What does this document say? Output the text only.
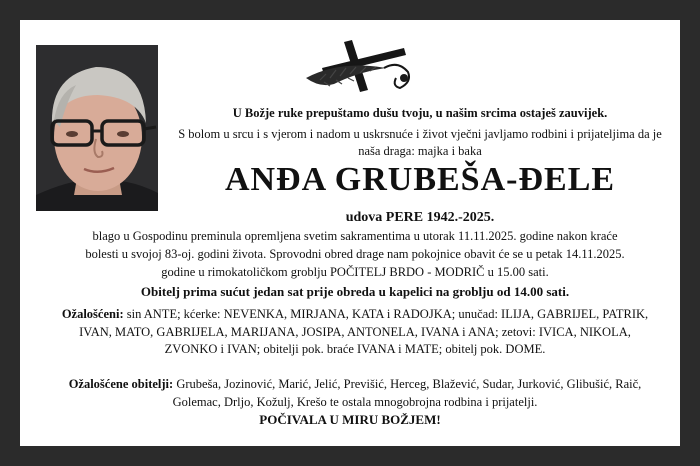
U Božje ruke prepuštamo dušu tvoju, u našim srcima ostaješ zauvijek.
S bolom u srcu i s vjerom i nadom u uskrsnuće i život vječni javljamo rodbini i prijateljima da je naša draga: majka i baka
ANĐA GRUBEŠA-ĐELE
udova PERE 1942.-2025.
blago u Gospodinu preminula opremljena svetim sakramentima u utorak 11.11.2025. godine nakon kraće bolesti u svojoj 83-oj. godini života. Sprovodni obred drage nam pokojnice obavit će se u petak 14.11.2025. godine u rimokatoličkom groblju POČITELJ BRDO - MODRIČ u 15.00 sati.
Obitelj prima sućut jedan sat prije obreda u kapelici na groblju od 14.00 sati.
Ožalošćeni: sin ANTE; kćerke: NEVENKA, MIRJANA, KATA i RADOJKA; unučad: ILIJA, GABRIJEL, PATRIK, IVAN, MATO, GABRIJELA, MARIJANA, JOSIPA, ANTONELA, IVANA i ANA; zetovi: IVICA, NIKOLA, ZVONKO i IVAN; obitelji pok. braće IVANA i MATE; obitelj pok. DOME.
Ožalošćene obitelji: Grubeša, Jozinović, Marić, Jelić, Previšić, Herceg, Blažević, Sudar, Jurković, Glibušić, Raič, Golemac, Drljo, Kožulj, Krešo te ostala mnogobrojna rodbina i prijatelji.
POČIVALA U MIRU BOŽJEM!
